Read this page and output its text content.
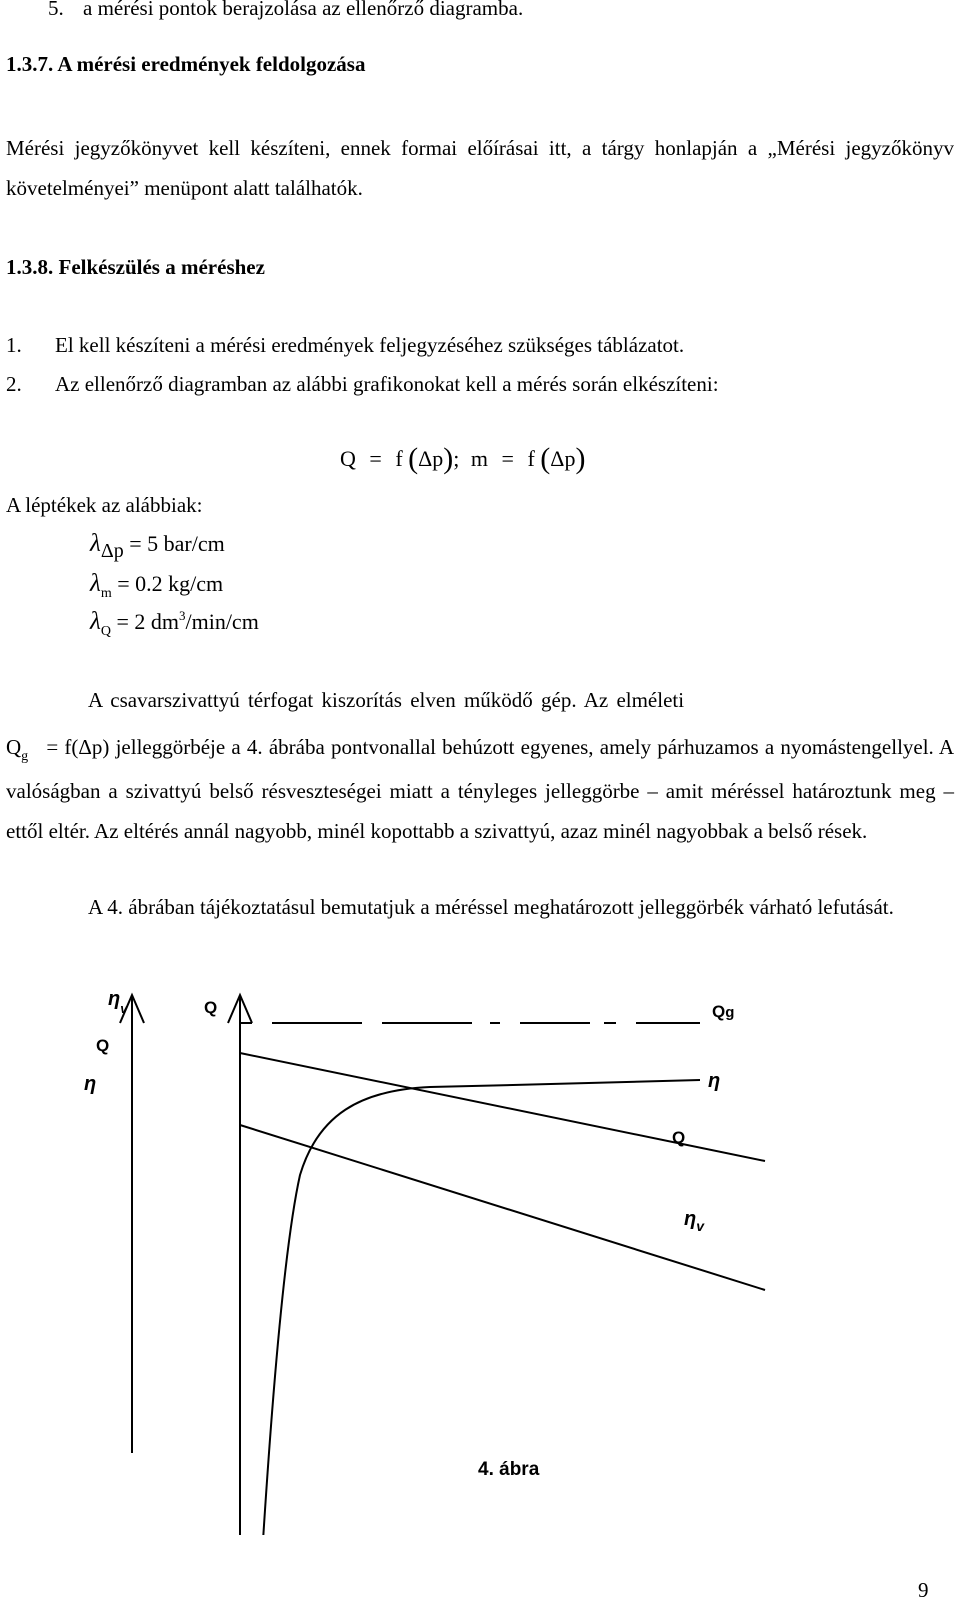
5. a mérési pontok berajzolása az ellenőrző diagramba.
1.3.7. A mérési eredmények feldolgozása
Mérési jegyzőkönyvet kell készíteni, ennek formai előírásai itt, a tárgy honlapján a „Mérési jegyzőkönyv követelményei” menüpont alatt találhatók.
1.3.8. Felkészülés a méréshez
1. El kell készíteni a mérési eredmények feljegyzéséhez szükséges táblázatot.
2. Az ellenőrző diagramban az alábbi grafikonokat kell a mérés során elkészíteni:
Q = f (Δp); m = f (Δp)
A léptékek az alábbiak:
λΔp = 5 bar/cm
$\lambda_m = 0.2$ kg/cm
$\lambda_Q = 2$ $dm^3/\min/cm$
A csavarszivattyú térfogat kiszorítás elven működő gép. Az elméleti
$Q_g = f(\Delta p)$ jelleggörbéje a 4. ábrába pontvonallal behúzott egyenes, amely párhuzamos a nyomástengellyel. A valóságban a szivattyú belső résveszteségei miatt a tényleges jelleggörbe – amit méréssel határoztunk meg – ettől eltér. Az eltérés annál nagyobb, minél kopottabb a szivattyú, azaz minél nagyobbak a belső rések.
A 4. ábrában tájékoztatásul bemutatjuk a méréssel meghatározott jelleggörbék várható lefutását.
$\eta_v$
Q
η
Q	Qg
η
Q
$\eta_v$
4. ábra
9
